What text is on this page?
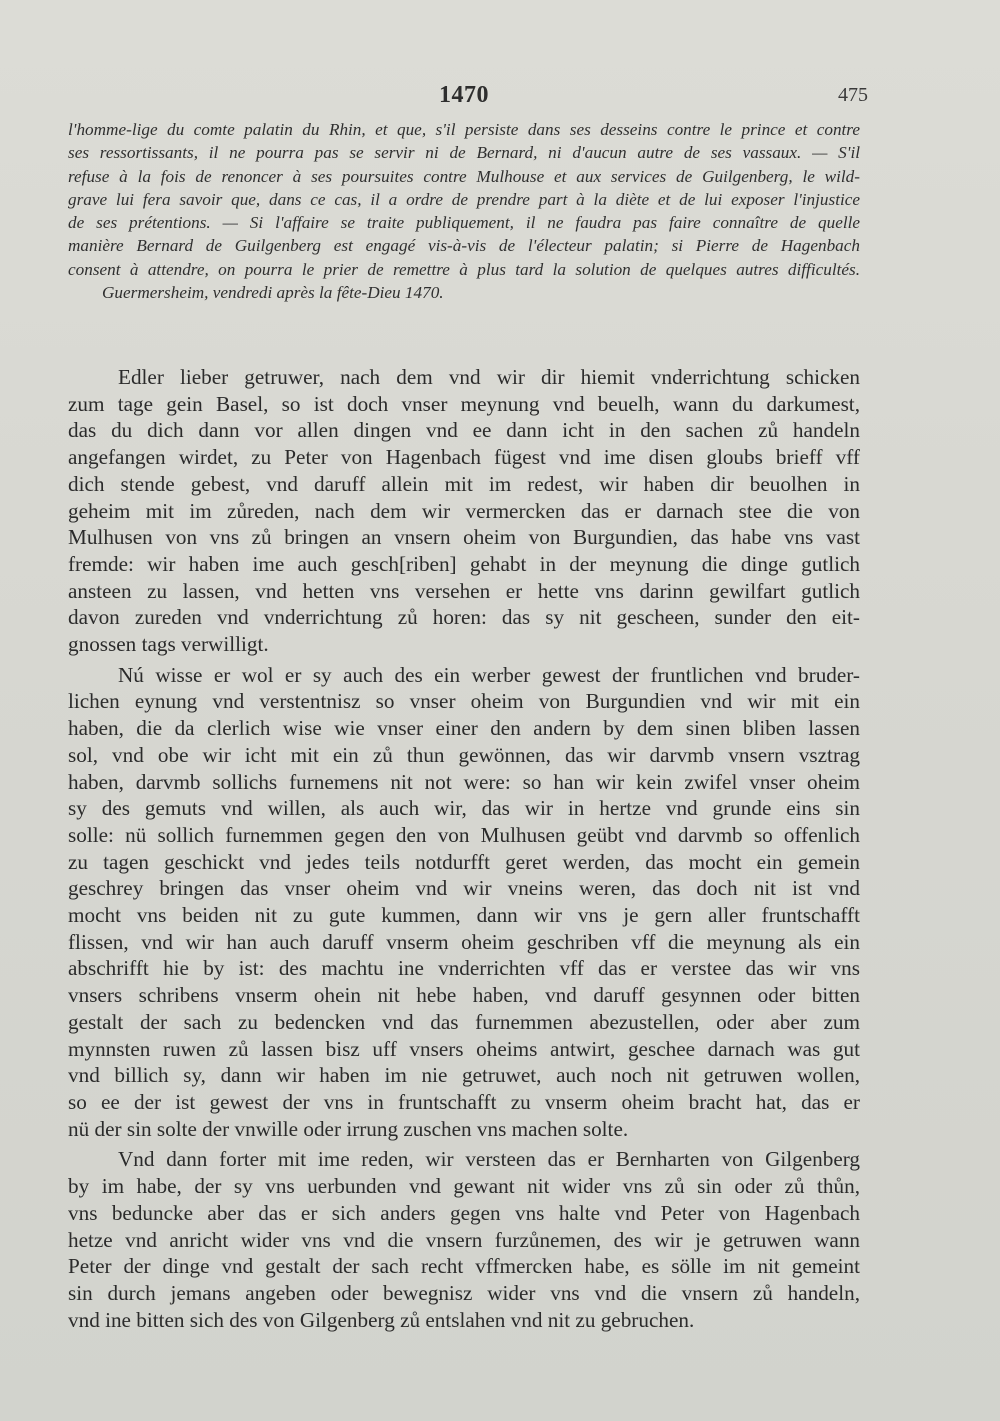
1470	475
l'homme-lige du comte palatin du Rhin, et que, s'il persiste dans ses desseins contre le prince et contre
ses ressortissants, il ne pourra pas se servir ni de Bernard, ni d'aucun autre de ses vassaux. — S'il
refuse à la fois de renoncer à ses poursuites contre Mulhouse et aux services de Guilgenberg, le wild-
grave lui fera savoir que, dans ce cas, il a ordre de prendre part à la diète et de lui exposer l'injustice
de ses prétentions. — Si l'affaire se traite publiquement, il ne faudra pas faire connaître de quelle
manière Bernard de Guilgenberg est engagé vis-à-vis de l'électeur palatin; si Pierre de Hagenbach
consent à attendre, on pourra le prier de remettre à plus tard la solution de quelques autres difficultés.
Guermersheim, vendredi après la fête-Dieu 1470.
Edler lieber getruwer, nach dem vnd wir dir hiemit vnderrichtung schicken
zum tage gein Basel, so ist doch vnser meynung vnd beuelh, wann du darkumest,
das du dich dann vor allen dingen vnd ee dann icht in den sachen zů handeln
angefangen wirdet, zu Peter von Hagenbach fügest vnd ime disen gloubs brieff vff
dich stende gebest, vnd daruff allein mit im redest, wir haben dir beuolhen in
geheim mit im zůreden, nach dem wir vermercken das er darnach stee die von
Mulhusen von vns zů bringen an vnsern oheim von Burgundien, das habe vns vast
fremde: wir haben ime auch gesch[riben] gehabt in der meynung die dinge gutlich
ansteen zu lassen, vnd hetten vns versehen er hette vns darinn gewilfart gutlich
davon zureden vnd vnderrichtung zů horen: das sy nit gescheen, sunder den eit-
gnossen tags verwilligt.
Nú wisse er wol er sy auch des ein werber gewest der fruntlichen vnd bruder-
lichen eynung vnd verstentnisz so vnser oheim von Burgundien vnd wir mit ein
haben, die da clerlich wise wie vnser einer den andern by dem sinen bliben lassen
sol, vnd obe wir icht mit ein zů thun gewönnen, das wir darvmb vnsern vsztrag
haben, darvmb sollichs furnemens nit not were: so han wir kein zwifel vnser oheim
sy des gemuts vnd willen, als auch wir, das wir in hertze vnd grunde eins sin
solle: nü sollich furnemmen gegen den von Mulhusen geübt vnd darvmb so offenlich
zu tagen geschickt vnd jedes teils notdurfft geret werden, das mocht ein gemein
geschrey bringen das vnser oheim vnd wir vneins weren, das doch nit ist vnd
mocht vns beiden nit zu gute kummen, dann wir vns je gern aller fruntschafft
flissen, vnd wir han auch daruff vnserm oheim geschriben vff die meynung als ein
abschrifft hie by ist: des machtu ine vnderrichten vff das er verstee das wir vns
vnsers schribens vnserm ohein nit hebe haben, vnd daruff gesynnen oder bitten
gestalt der sach zu bedencken vnd das furnemmen abezustellen, oder aber zum
mynnsten ruwen zů lassen bisz uff vnsers oheims antwirt, geschee darnach was gut
vnd billich sy, dann wir haben im nie getruwet, auch noch nit getruwen wollen,
so ee der ist gewest der vns in fruntschafft zu vnserm oheim bracht hat, das er
nü der sin solte der vnwille oder irrung zuschen vns machen solte.
Vnd dann forter mit ime reden, wir versteen das er Bernharten von Gilgenberg
by im habe, der sy vns uerbunden vnd gewant nit wider vns zů sin oder zů thůn,
vns beduncke aber das er sich anders gegen vns halte vnd Peter von Hagenbach
hetze vnd anricht wider vns vnd die vnsern furzůnemen, des wir je getruwen wann
Peter der dinge vnd gestalt der sach recht vffmercken habe, es sölle im nit gemeint
sin durch jemans angeben oder bewegnisz wider vns vnd die vnsern zů handeln,
vnd ine bitten sich des von Gilgenberg zů entslahen vnd nit zu gebruchen.
